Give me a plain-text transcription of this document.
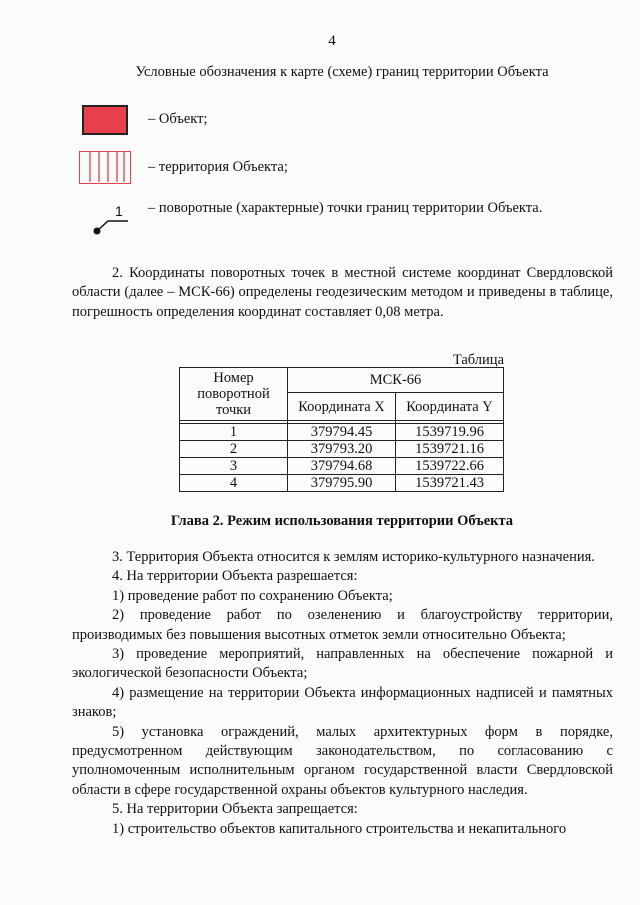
4
Условные обозначения к карте (схеме) границ территории Объекта
– Объект;
– территория Объекта;
1 – поворотные (характерные) точки границ территории Объекта.

2. Координаты поворотных точек в местной системе координат Свердловской области (далее – МСК-66) определены геодезическим методом и приведены в таблице, погрешность определения координат составляет 0,08 метра.

Таблица
Номер поворотной точки	МСК-66	
	Координата X	Координата Y

1	379794.45	1539719.96
2	379793.20	1539721.16
3	379794.68	1539722.66
4	379795.90	1539721.43
Глава 2. Режим использования территории Объекта

3. Территория Объекта относится к землям историко-культурного назначения.

4. На территории Объекта разрешается:

1) проведение работ по сохранению Объекта;

2) проведение работ по озеленению и благоустройству территории, производимых без повышения высотных отметок земли относительно Объекта;

3) проведение мероприятий, направленных на обеспечение пожарной и экологической безопасности Объекта;

4) размещение на территории Объекта информационных надписей и памятных знаков;

5) установка ограждений, малых архитектурных форм в порядке, предусмотренном действующим законодательством, по согласованию с уполномоченным исполнительным органом государственной власти Свердловской области в сфере государственной охраны объектов культурного наследия.

5. На территории Объекта запрещается:

1) строительство объектов капитального строительства и некапитального
